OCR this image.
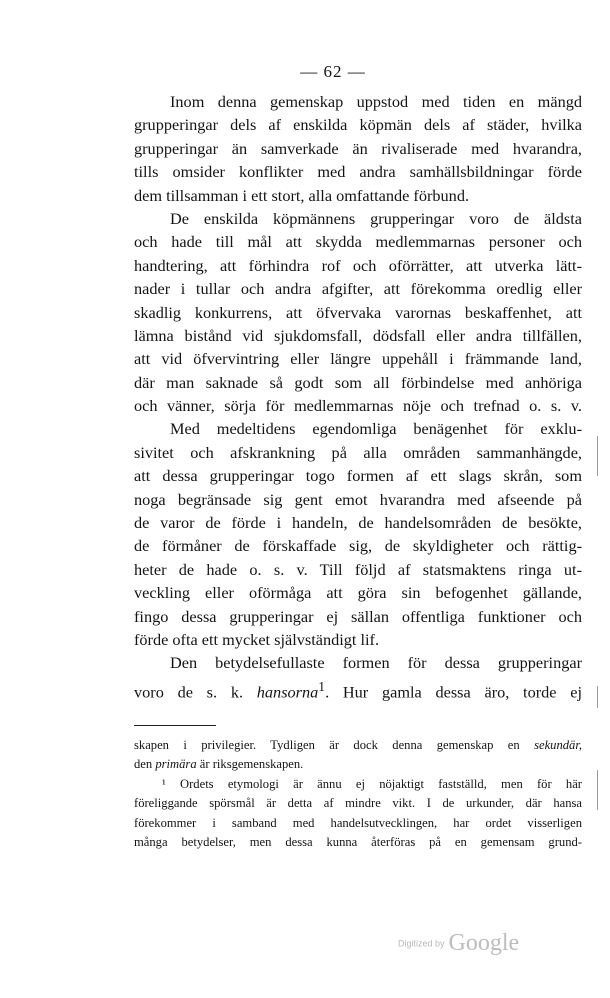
— 62 —
Inom denna gemenskap uppstod med tiden en mängd
grupperingar dels af enskilda köpmän dels af städer, hvilka
grupperingar än samverkade än rivaliserade med hvarandra,
tills omsider konflikter med andra samhällsbildningar förde
dem tillsamman i ett stort, alla omfattande förbund.
De enskilda köpmännens grupperingar voro de äldsta
och hade till mål att skydda medlemmarnas personer och
handtering, att förhindra rof och oförrätter, att utverka lätt-
nader i tullar och andra afgifter, att förekomma oredlig eller
skadlig konkurrens, att öfvervaka varornas beskaffenhet, att
lämna bistånd vid sjukdomsfall, dödsfall eller andra tillfällen,
att vid öfvervintring eller längre uppehåll i främmande land,
där man saknade så godt som all förbindelse med anhöriga
och vänner, sörja för medlemmarnas nöje och trefnad o. s. v.
Med medeltidens egendomliga benägenhet för exklu-
sivitet och afskrankning på alla områden sammanhängde,
att dessa grupperingar togo formen af ett slags skrån, som
noga begränsade sig gent emot hvarandra med afseende på
de varor de förde i handeln, de handelsområden de besökte,
de förmåner de förskaffade sig, de skyldigheter och rättig-
heter de hade o. s. v. Till följd af statsmaktens ringa ut-
veckling eller oförmåga att göra sin befogenhet gällande,
fingo dessa grupperingar ej sällan offentliga funktioner och
förde ofta ett mycket självständigt lif.
Den betydelsefullaste formen för dessa grupperingar
voro de s. k. hansorna$^1$. Hur gamla dessa äro, torde ej
skapen i privilegier. Tydligen är dock denna gemenskap en sekundär,
den primära är riksgemenskapen.
¹ Ordets etymologi är ännu ej nöjaktigt fastställd, men för här
föreliggande spörsmål är detta af mindre vikt. I de urkunder, där hansa
förekommer i samband med handelsutvecklingen, har ordet visserligen
många betydelser, men dessa kunna återföras på en gemensam grund-
Digitized by Google
